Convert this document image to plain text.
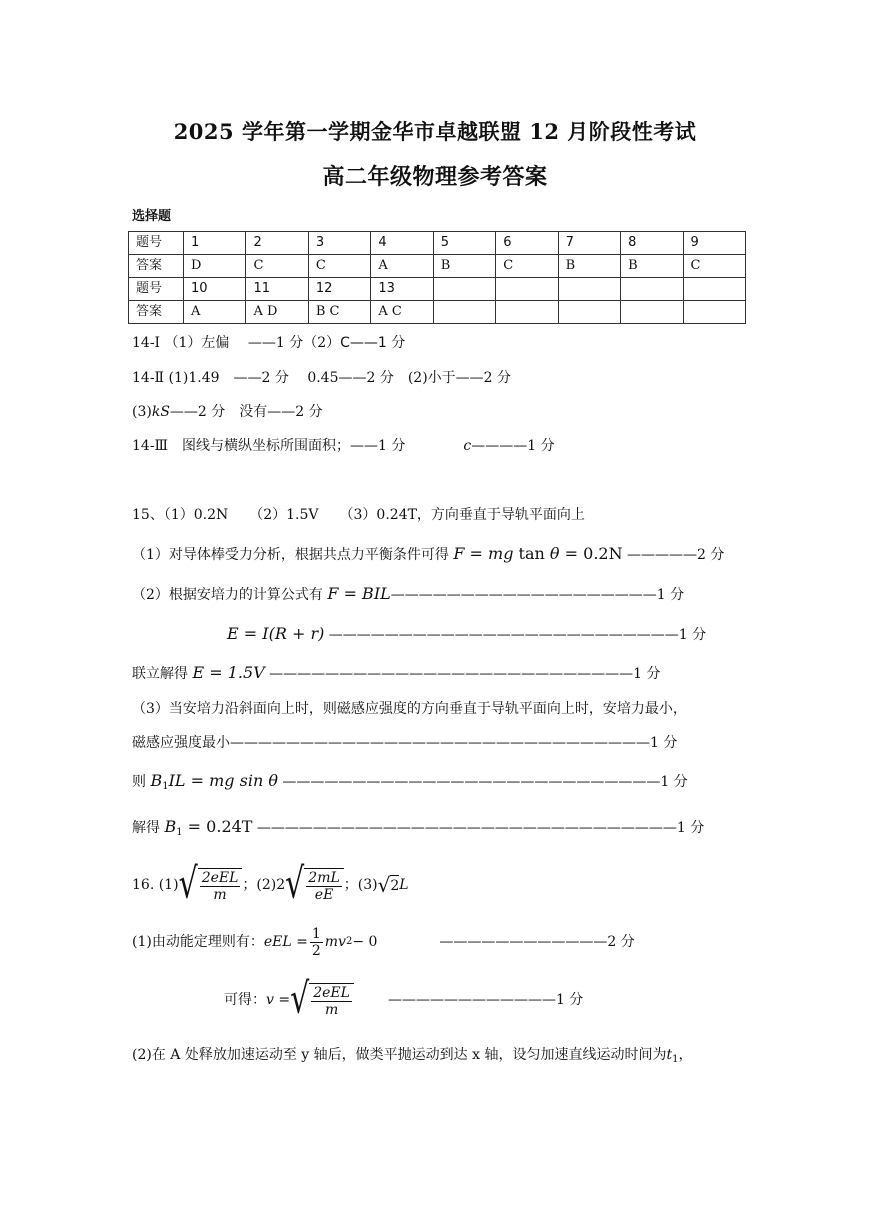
2025 学年第一学期金华市卓越联盟 12 月阶段性考试
高二年级物理参考答案
选择题
题号	1	2	3	4	5	6	7	8	9
答案	D	C	C	A	B	C	B	B	C
题号	10	11	12	13					
答案	A	A D	B C	A C					
14-Ⅰ （1）左偏　 ——1 分（2）C——1 分
14-Ⅱ (1)1.49　——2 分　 0.45——2 分　(2)小于——2 分
(3)kS——2 分　没有——2 分
14-Ⅲ　图线与横纵坐标所围面积；——1 分	c————1 分
15、（1）0.2N　　（2）1.5V　　（3）0.24T，方向垂直于导轨平面向上
（1）对导体棒受力分析，根据共点力平衡条件可得 F = mg tan θ = 0.2N —————2 分
（2）根据安培力的计算公式有 F = BIL———————————————————1 分
E = I(R + r) —————————————————————————1 分
联立解得 E = 1.5V ——————————————————————————1 分
（3）当安培力沿斜面向上时，则磁感应强度的方向垂直于导轨平面向上时，安培力最小，
磁感应强度最小——————————————————————————————1 分
则 $B_1IL$ = mg sin θ ———————————————————————————1 分
解得 $B_1 = 0.24T$ ——————————————————————————————1 分
16.
(1) √ $\frac{\text{2eEL}}{m}$ ； (2) 2 √ $\frac{2mL}{eE}$ ； (3) √2 L
(1)由动能定理则有： eEL = $\frac{1}{2}$ mv 2 − 0	————————————2 分
可得： v = √ $\frac{\text{2eEL}}{m}$	————————————1 分
(2)在 A 处释放加速运动至 y 轴后，做类平抛运动到达 x 轴，设匀加速直线运动时间为$t_1$，
